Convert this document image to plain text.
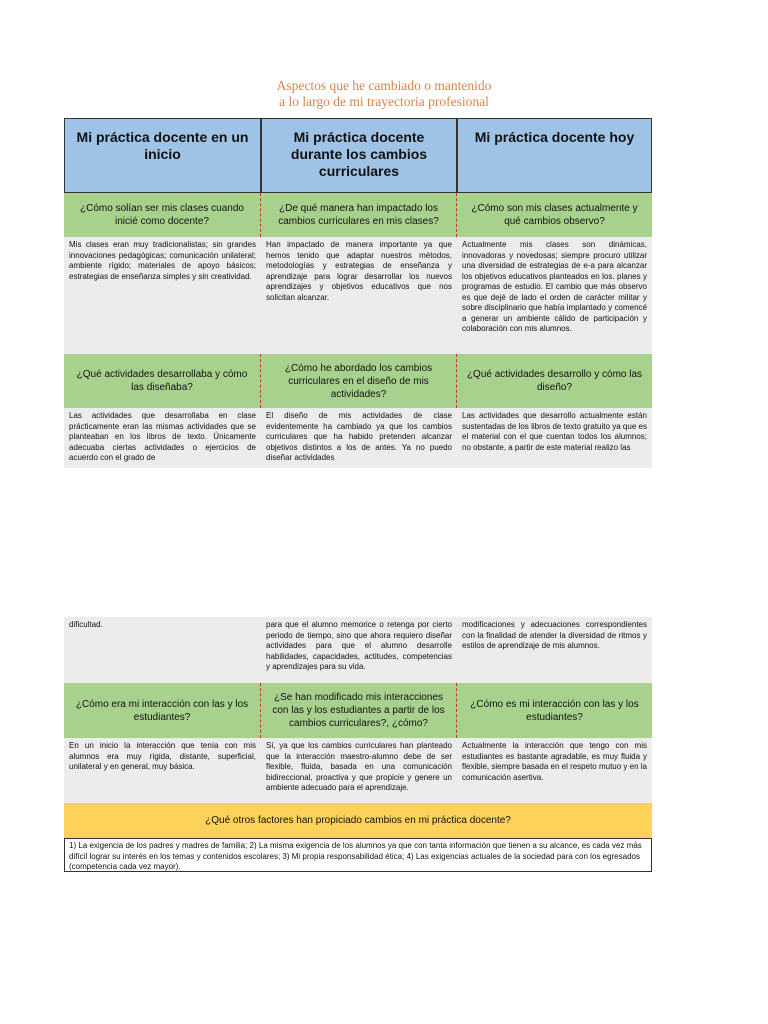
Aspectos que he cambiado o mantenido
a lo largo de mi trayectoria profesional
Mi práctica docente en un inicio
Mi práctica docente durante los cambios curriculares
Mi práctica docente hoy
¿Cómo solían ser mis clases cuando inicié como docente?
¿De qué manera han impactado los cambios curriculares en mis clases?
¿Cómo son mis clases actualmente y qué cambios observo?
Mis clases eran muy tradicionalistas; sin grandes innovaciones pedagógicas; comunicación unilateral; ambiente rígido; materiales de apoyo básicos; estrategias de enseñanza simples y sin creatividad.
Han impactado de manera importante ya que hemos tenido que adaptar nuestros métodos, metodologías y estrategias de enseñanza y aprendizaje para lograr desarrollar los nuevos aprendizajes y objetivos educativos que nos solicitan alcanzar.
Actualmente mis clases son dinámicas, innovadoras y novedosas; siempre procuro utilizar una diversidad de estrategias de e-a para alcanzar los objetivos educativos planteados en los. planes y programas de estudio. El cambio que más observo es que dejé de lado el orden de carácter militar y sobre disciplinario que había implantado y comencé a generar un ambiente cálido de participación y colaboración con mis alumnos.
¿Qué actividades desarrollaba y cómo las diseñaba?
¿Cómo he abordado los cambios curriculares en el diseño de mis actividades?
¿Qué actividades desarrollo y cómo las diseño?
Las actividades que desarrollaba en clase prácticamente eran las mismas actividades que se planteaban en los libros de texto. Únicamente adecuaba ciertas actividades o ejercicios de acuerdo con el grado de
El diseño de mis actividades de clase evidentemente ha cambiado ya que los cambios curriculares que ha habido pretenden alcanzar objetivos distintos a los de antes. Ya no puedo diseñar actividades
Las actividades que desarrollo actualmente están sustentadas de los libros de texto gratuito ya que es el material con el que cuentan todos los alumnos; no obstante, a partir de este material realizo las
dificultad.	para que el alumno memorice o retenga por cierto periodo de tiempo, sino que ahora requiero diseñar actividades para que el alumno desarrolle habilidades, capacidades, actitudes, competencias y aprendizajes para su vida.
modificaciones y adecuaciones correspondientes con la finalidad de atender la diversidad de ritmos y estilos de aprendizaje de mis alumnos.
¿Cómo era mi interacción con las y los estudiantes?
¿Se han modificado mis interacciones con las y los estudiantes a partir de los cambios curriculares?, ¿cómo?
¿Cómo es mi interacción con las y los estudiantes?
En un inicio la interacción que tenía con mis alumnos era muy rígida, distante, superficial, unilateral y en general, muy básica.
Sí, ya que los cambios curriculares han planteado que la interacción maestro-alumno debe de ser flexible, fluida, basada en una comunicación bidireccional, proactiva y que propicie y genere un ambiente adecuado para el aprendizaje.
Actualmente la interacción que tengo con mis estudiantes es bastante agradable, es muy fluida y flexible, siempre basada en el respeto mutuo y en la comunicación asertiva.
¿Qué otros factores han propiciado cambios en mi práctica docente?
1) La exigencia de los padres y madres de familia; 2) La misma exigencia de los alumnos ya que con tanta información que tienen a su alcance, es cada vez más difícil lograr su interés en los temas y contenidos escolares; 3) Mi propia responsabilidad ética; 4) Las exigencias actuales de la sociedad para con los egresados (competencia cada vez mayor).
